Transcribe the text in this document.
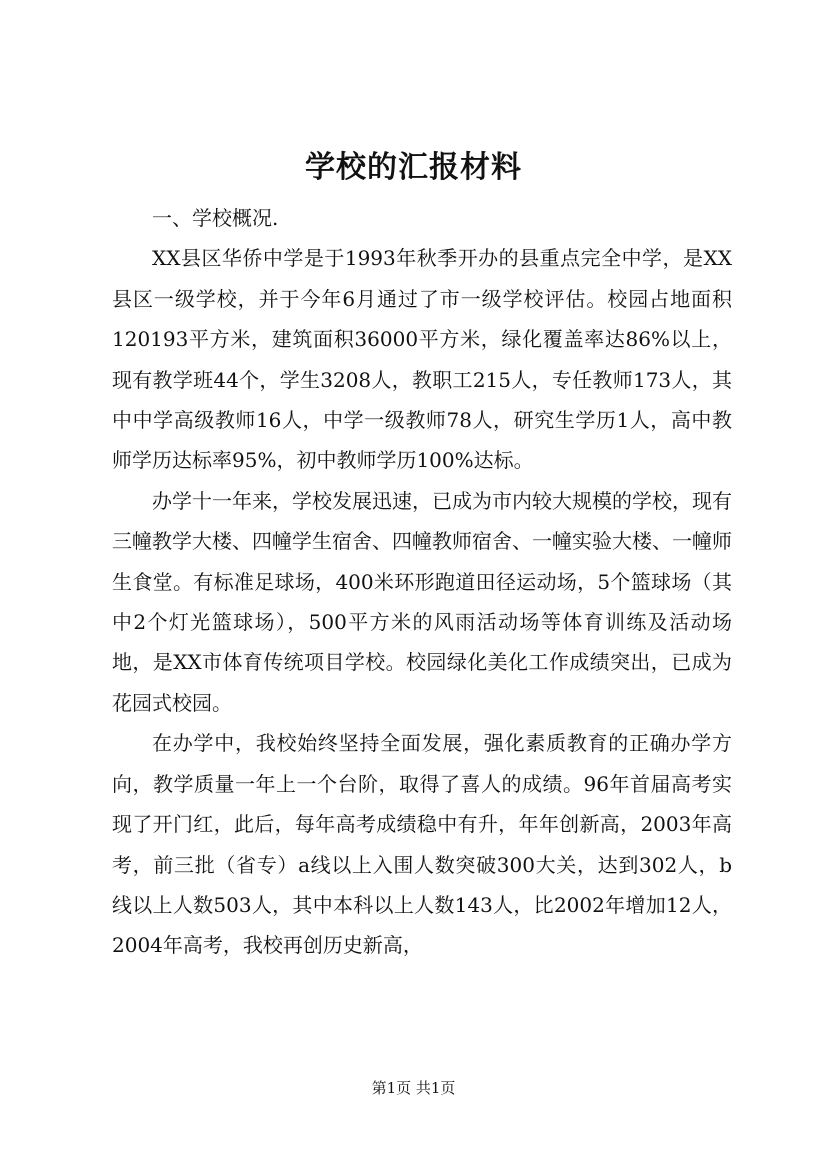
学校的汇报材料

一、学校概况.

XX县区华侨中学是于1993年秋季开办的县重点完全中学，是XX县区一级学校，并于今年6月通过了市一级学校评估。校园占地面积120193平方米，建筑面积36000平方米，绿化覆盖率达86%以上，现有教学班44个，学生3208人，教职工215人，专任教师173人，其中中学高级教师16人，中学一级教师78人，研究生学历1人，高中教师学历达标率95%，初中教师学历100%达标。

办学十一年来，学校发展迅速，已成为市内较大规模的学校，现有三幢教学大楼、四幢学生宿舍、四幢教师宿舍、一幢实验大楼、一幢师生食堂。有标准足球场，400米环形跑道田径运动场，5个篮球场（其中2个灯光篮球场），500平方米的风雨活动场等体育训练及活动场地，是XX市体育传统项目学校。校园绿化美化工作成绩突出，已成为花园式校园。

在办学中，我校始终坚持全面发展，强化素质教育的正确办学方向，教学质量一年上一个台阶，取得了喜人的成绩。96年首届高考实现了开门红，此后，每年高考成绩稳中有升，年年创新高，2003年高考，前三批（省专）a线以上入围人数突破300大关，达到302人，b线以上人数503人，其中本科以上人数143人，比2002年增加12人，2004年高考，我校再创历史新高，

第1页 共1页
